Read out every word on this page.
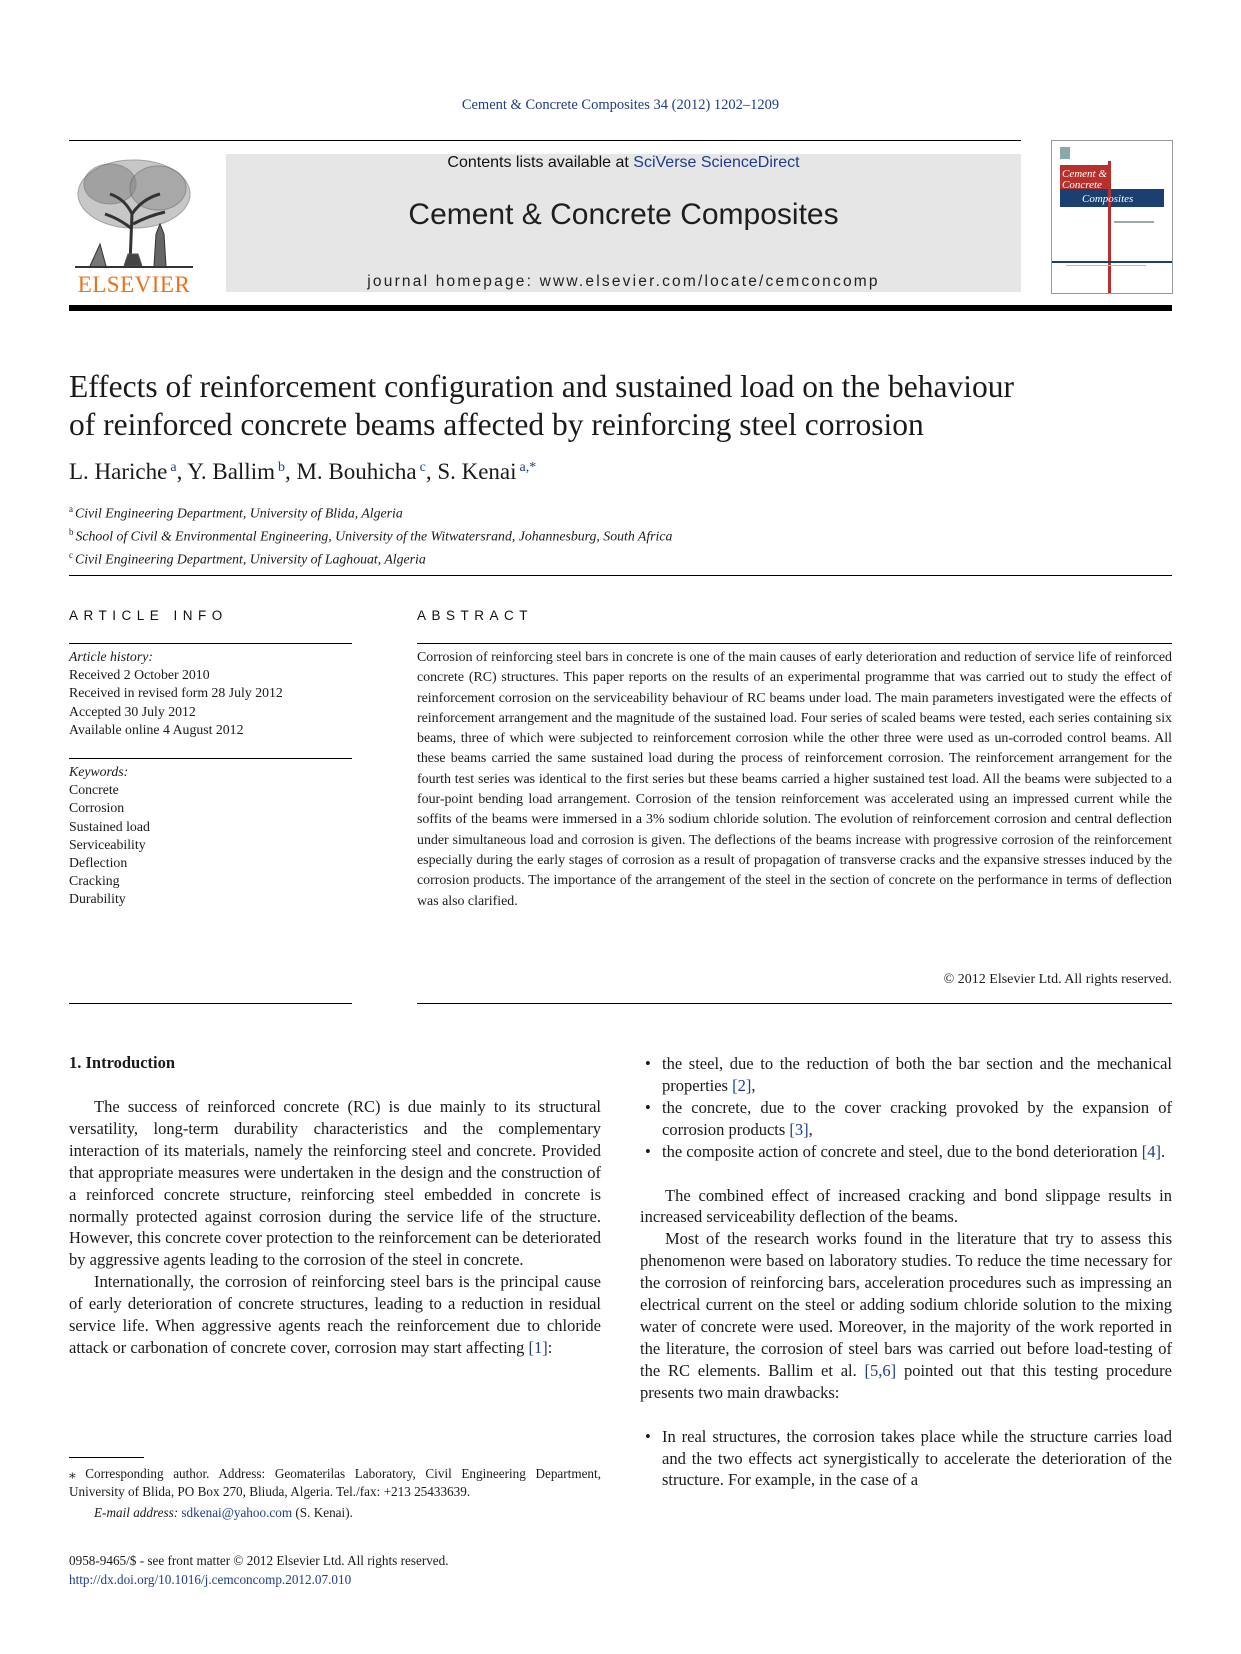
Cement & Concrete Composites 34 (2012) 1202–1209
ELSEVIER
Contents lists available at SciVerse ScienceDirect
Cement & Concrete Composites
journal homepage: www.elsevier.com/locate/cemconcomp
Cement &
Concrete
Composites
Effects of reinforcement configuration and sustained load on the behaviour
of reinforced concrete beams affected by reinforcing steel corrosion
L. Hariche $^a$, Y. Ballim $^b$, M. Bouhicha $^c$, S. Kenai $^{a,*}$
$^a$ Civil Engineering Department, University of Blida, Algeria
$^b$ School of Civil & Environmental Engineering, University of the Witwatersrand, Johannesburg, South Africa
$^c$ Civil Engineering Department, University of Laghouat, Algeria
ARTICLE INFO
Article history:
Received 2 October 2010
Received in revised form 28 July 2012
Accepted 30 July 2012
Available online 4 August 2012
Keywords:
Concrete
Corrosion
Sustained load
Serviceability
Deflection
Cracking
Durability
ABSTRACT
Corrosion of reinforcing steel bars in concrete is one of the main causes of early deterioration and reduction of service life of reinforced concrete (RC) structures. This paper reports on the results of an experimental programme that was carried out to study the effect of reinforcement corrosion on the serviceability behaviour of RC beams under load. The main parameters investigated were the effects of reinforcement arrangement and the magnitude of the sustained load. Four series of scaled beams were tested, each series containing six beams, three of which were subjected to reinforcement corrosion while the other three were used as un-corroded control beams. All these beams carried the same sustained load during the process of reinforcement corrosion. The reinforcement arrangement for the fourth test series was identical to the first series but these beams carried a higher sustained test load. All the beams were subjected to a four-point bending load arrangement. Corrosion of the tension reinforcement was accelerated using an impressed current while the soffits of the beams were immersed in a 3% sodium chloride solution. The evolution of reinforcement corrosion and central deflection under simultaneous load and corrosion is given. The deflections of the beams increase with progressive corrosion of the reinforcement especially during the early stages of corrosion as a result of propagation of transverse cracks and the expansive stresses induced by the corrosion products. The importance of the arrangement of the steel in the section of concrete on the performance in terms of deflection was also clarified.
© 2012 Elsevier Ltd. All rights reserved.
1. Introduction

The success of reinforced concrete (RC) is due mainly to its structural versatility, long-term durability characteristics and the complementary interaction of its materials, namely the reinforcing steel and concrete. Provided that appropriate measures were undertaken in the design and the construction of a reinforced concrete structure, reinforcing steel embedded in concrete is normally protected against corrosion during the service life of the structure. However, this concrete cover protection to the reinforcement can be deteriorated by aggressive agents leading to the corrosion of the steel in concrete.

Internationally, the corrosion of reinforcing steel bars is the principal cause of early deterioration of concrete structures, leading to a reduction in residual service life. When aggressive agents reach the reinforcement due to chloride attack or carbonation of concrete cover, corrosion may start affecting [1]:

• the steel, due to the reduction of both the bar section and the mechanical properties [2],
• the concrete, due to the cover cracking provoked by the expansion of corrosion products [3],
• the composite action of concrete and steel, due to the bond deterioration [4].

The combined effect of increased cracking and bond slippage results in increased serviceability deflection of the beams.

Most of the research works found in the literature that try to assess this phenomenon were based on laboratory studies. To reduce the time necessary for the corrosion of reinforcing bars, acceleration procedures such as impressing an electrical current on the steel or adding sodium chloride solution to the mixing water of concrete were used. Moreover, in the majority of the work reported in the literature, the corrosion of steel bars was carried out before load-testing of the RC elements. Ballim et al. [5,6] pointed out that this testing procedure presents two main drawbacks:

• In real structures, the corrosion takes place while the structure carries load and the two effects act synergistically to accelerate the deterioration of the structure. For example, in the case of a

⁎ Corresponding author. Address: Geomaterilas Laboratory, Civil Engineering Department, University of Blida, PO Box 270, Bliuda, Algeria. Tel./fax: +213 25433639.

E-mail address: sdkenai@yahoo.com (S. Kenai).

0958-9465/$ - see front matter © 2012 Elsevier Ltd. All rights reserved.
http://dx.doi.org/10.1016/j.cemconcomp.2012.07.010
